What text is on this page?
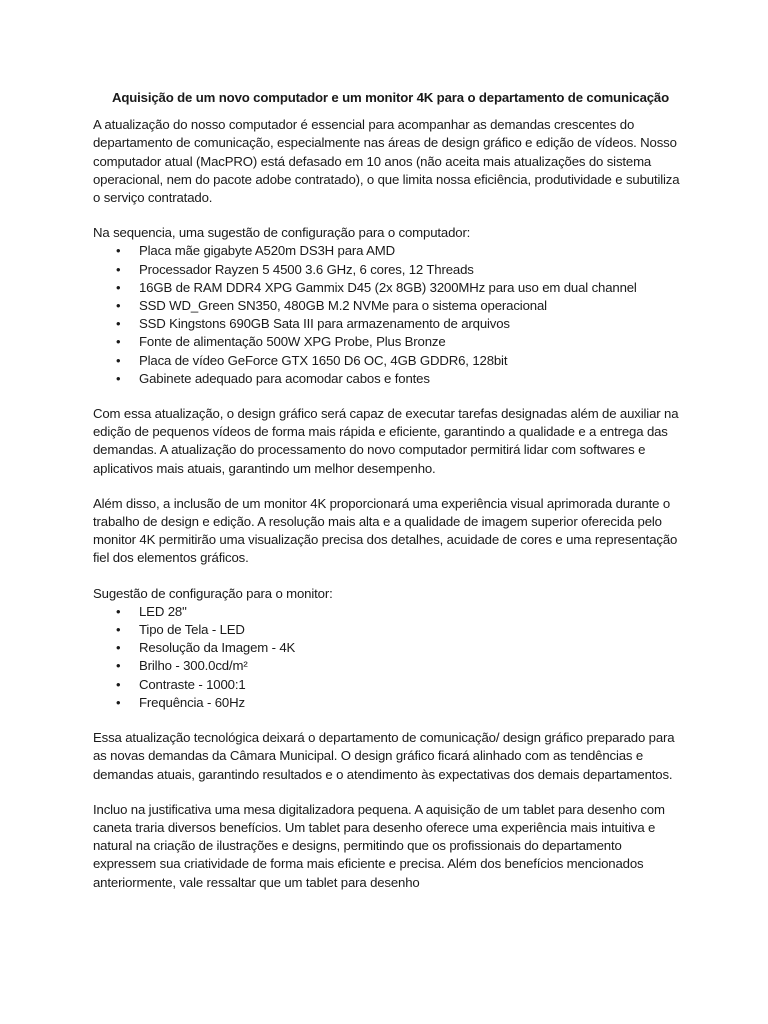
Aquisição de um novo computador e um monitor 4K para o departamento de comunicação

A atualização do nosso computador é essencial para acompanhar as demandas crescentes do departamento de comunicação, especialmente nas áreas de design gráfico e edição de vídeos. Nosso computador atual (MacPRO) está defasado em 10 anos (não aceita mais atualizações do sistema operacional, nem do pacote adobe contratado), o que limita nossa eficiência, produtividade e subutiliza o serviço contratado.

Na sequencia, uma sugestão de configuração para o computador:

• Placa mãe gigabyte A520m DS3H para AMD
• Processador Rayzen 5 4500 3.6 GHz, 6 cores, 12 Threads
• 16GB de RAM DDR4 XPG Gammix D45 (2x 8GB) 3200MHz para uso em dual channel
• SSD WD_Green SN350, 480GB M.2 NVMe para o sistema operacional
• SSD Kingstons 690GB Sata III para armazenamento de arquivos
• Fonte de alimentação 500W XPG Probe, Plus Bronze
• Placa de vídeo GeForce GTX 1650 D6 OC, 4GB GDDR6, 128bit
• Gabinete adequado para acomodar cabos e fontes

Com essa atualização, o design gráfico será capaz de executar tarefas designadas além de auxiliar na edição de pequenos vídeos de forma mais rápida e eficiente, garantindo a qualidade e a entrega das demandas. A atualização do processamento do novo computador permitirá lidar com softwares e aplicativos mais atuais, garantindo um melhor desempenho.

Além disso, a inclusão de um monitor 4K proporcionará uma experiência visual aprimorada durante o trabalho de design e edição. A resolução mais alta e a qualidade de imagem superior oferecida pelo monitor 4K permitirão uma visualização precisa dos detalhes, acuidade de cores e uma representação fiel dos elementos gráficos.

Sugestão de configuração para o monitor:

• LED 28"
• Tipo de Tela - LED
• Resolução da Imagem - 4K
• Brilho - 300.0cd/m²
• Contraste - 1000:1
• Frequência - 60Hz

Essa atualização tecnológica deixará o departamento de comunicação/ design gráfico preparado para as novas demandas da Câmara Municipal. O design gráfico ficará alinhado com as tendências e demandas atuais, garantindo resultados e o atendimento às expectativas dos demais departamentos.

Incluo na justificativa uma mesa digitalizadora pequena. A aquisição de um tablet para desenho com caneta traria diversos benefícios. Um tablet para desenho oferece uma experiência mais intuitiva e natural na criação de ilustrações e designs, permitindo que os profissionais do departamento expressem sua criatividade de forma mais eficiente e precisa. Além dos benefícios mencionados anteriormente, vale ressaltar que um tablet para desenho
